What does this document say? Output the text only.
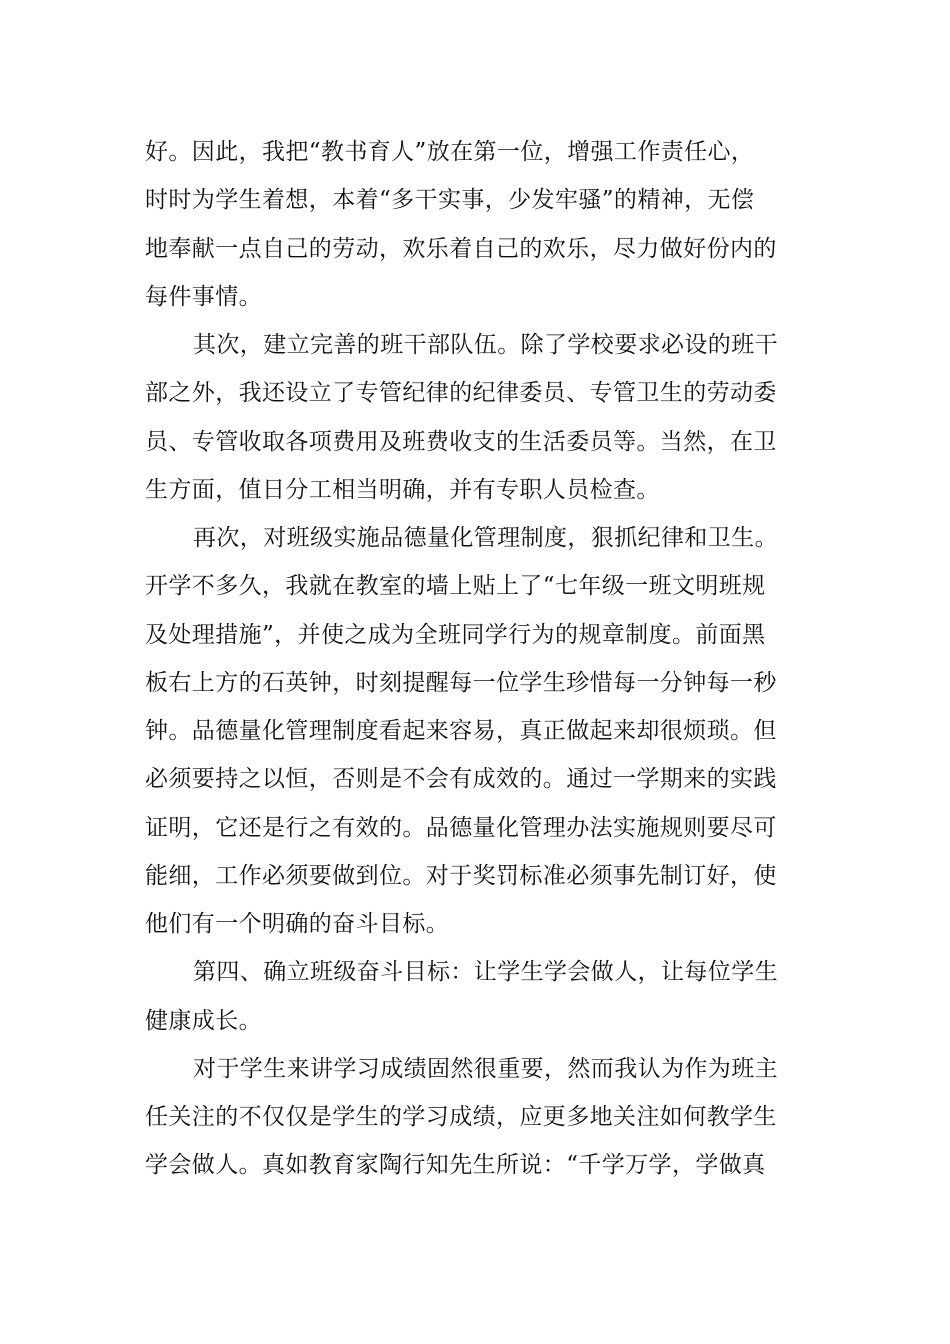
好。因此，我把“教书育人”放在第一位，增强工作责任心，
时时为学生着想，本着“多干实事，少发牢骚”的精神，无偿
地奉献一点自己的劳动，欢乐着自己的欢乐，尽力做好份内的
每件事情。
其次，建立完善的班干部队伍。除了学校要求必设的班干
部之外，我还设立了专管纪律的纪律委员、专管卫生的劳动委
员、专管收取各项费用及班费收支的生活委员等。当然，在卫
生方面，值日分工相当明确，并有专职人员检查。
再次，对班级实施品德量化管理制度，狠抓纪律和卫生。
开学不多久，我就在教室的墙上贴上了“七年级一班文明班规
及处理措施”，并使之成为全班同学行为的规章制度。前面黑
板右上方的石英钟，时刻提醒每一位学生珍惜每一分钟每一秒
钟。品德量化管理制度看起来容易，真正做起来却很烦琐。但
必须要持之以恒，否则是不会有成效的。通过一学期来的实践
证明，它还是行之有效的。品德量化管理办法实施规则要尽可
能细，工作必须要做到位。对于奖罚标准必须事先制订好，使
他们有一个明确的奋斗目标。
第四、确立班级奋斗目标：让学生学会做人，让每位学生
健康成长。
对于学生来讲学习成绩固然很重要，然而我认为作为班主
任关注的不仅仅是学生的学习成绩，应更多地关注如何教学生
学会做人。真如教育家陶行知先生所说：“千学万学，学做真
